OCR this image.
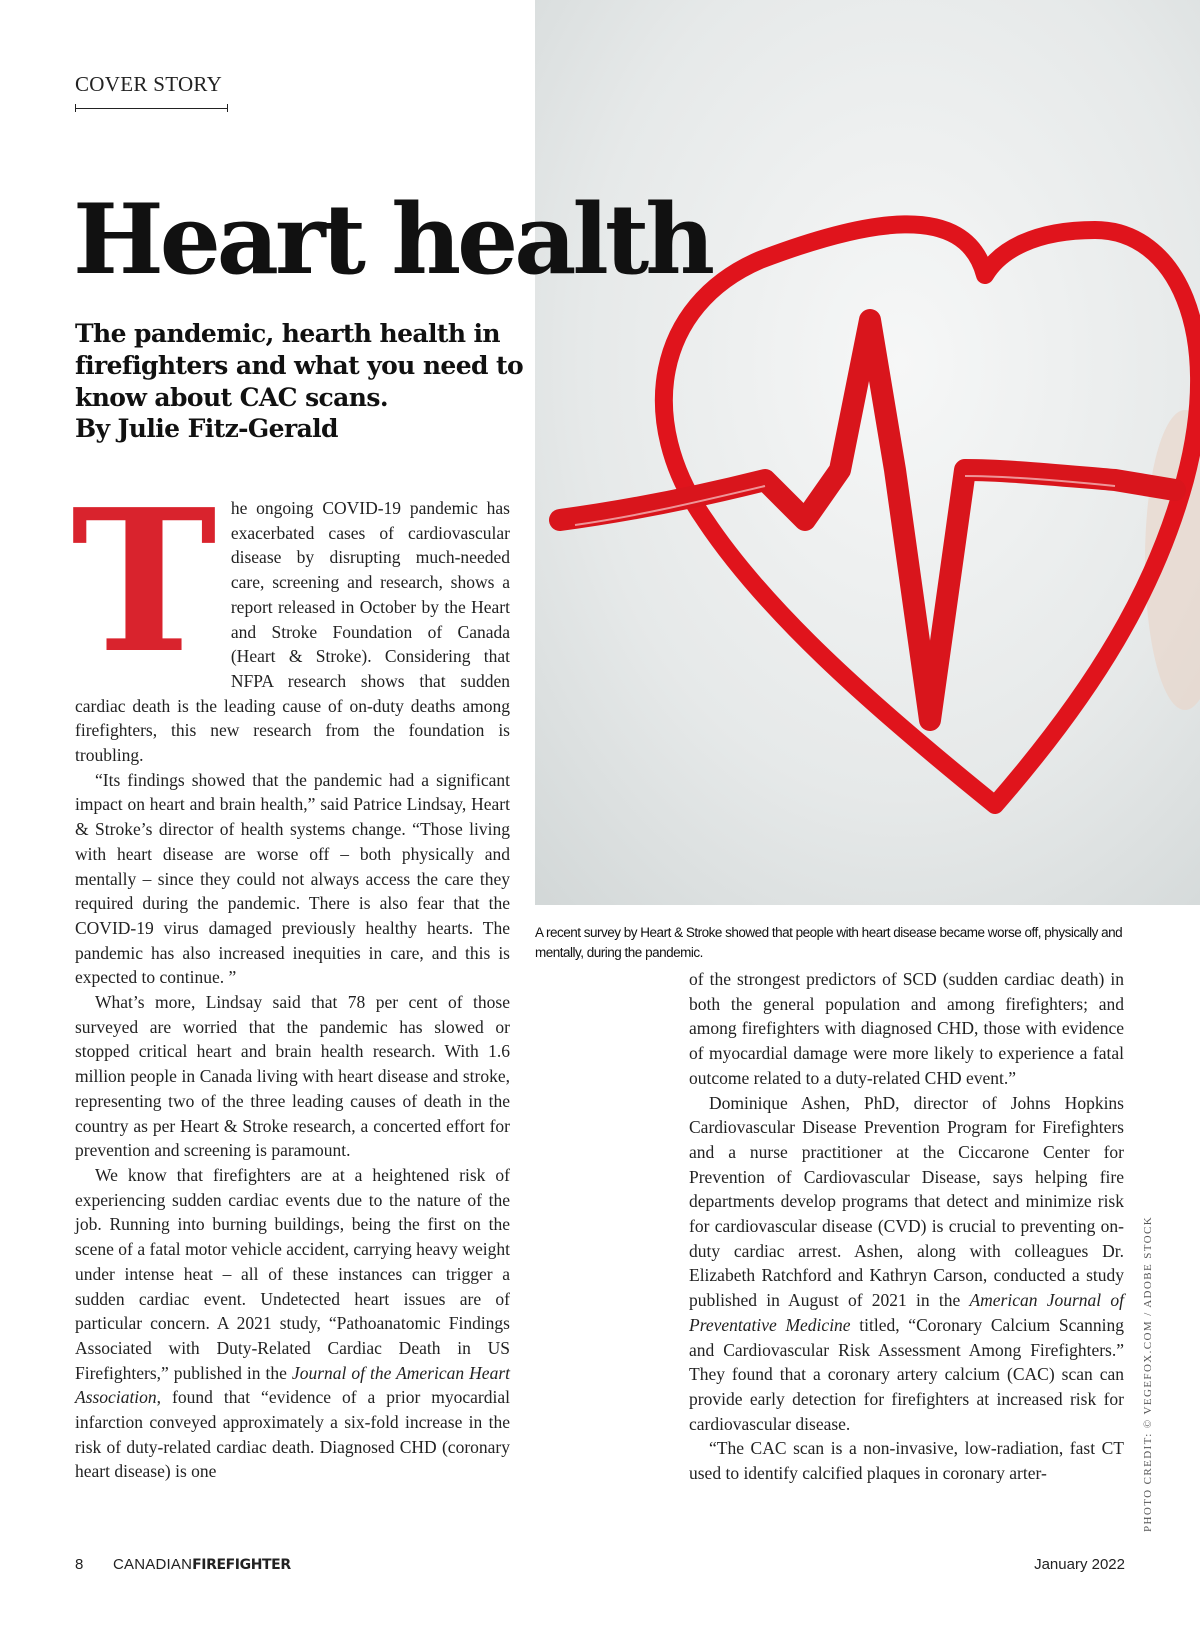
COVER STORY
Heart health

The pandemic, hearth health in firefighters and what you need to know about CAC scans.

By Julie Fitz-Gerald

The ongoing COVID-19 pandemic has exacerbated cases of cardiovascular disease by disrupting much-needed care, screening and research, shows a report released in October by the Heart and Stroke Foundation of Canada (Heart & Stroke). Considering that NFPA research shows that sudden cardiac death is the leading cause of on-duty deaths among firefighters, this new research from the foundation is troubling.

“Its findings showed that the pandemic had a significant impact on heart and brain health,” said Patrice Lindsay, Heart & Stroke’s director of health systems change. “Those living with heart disease are worse off – both physically and mentally – since they could not always access the care they required during the pandemic. There is also fear that the COVID-19 virus damaged previously healthy hearts. The pandemic has also increased inequities in care, and this is expected to continue. ”

What’s more, Lindsay said that 78 per cent of those surveyed are worried that the pandemic has slowed or stopped critical heart and brain health research. With 1.6 million people in Canada living with heart disease and stroke, representing two of the three leading causes of death in the country as per Heart & Stroke research, a concerted effort for prevention and screening is paramount.

We know that firefighters are at a heightened risk of experiencing sudden cardiac events due to the nature of the job. Running into burning buildings, being the first on the scene of a fatal motor vehicle accident, carrying heavy weight under intense heat – all of these instances can trigger a sudden cardiac event. Undetected heart issues are of particular concern. A 2021 study, “Pathoanatomic Findings Associated with Duty-Related Cardiac Death in US Firefighters,” published in the Journal of the American Heart Association, found that “evidence of a prior myocardial infarction conveyed approximately a six-fold increase in the risk of duty-related cardiac death. Diagnosed CHD (coronary heart disease) is one

A recent survey by Heart & Stroke showed that people with heart disease became worse off, physically and mentally, during the pandemic.

of the strongest predictors of SCD (sudden cardiac death) in both the general population and among firefighters; and among firefighters with diagnosed CHD, those with evidence of myocardial damage were more likely to experience a fatal outcome related to a duty-related CHD event.”

Dominique Ashen, PhD, director of Johns Hopkins Cardiovascular Disease Prevention Program for Firefighters and a nurse practitioner at the Ciccarone Center for Prevention of Cardiovascular Disease, says helping fire departments develop programs that detect and minimize risk for cardiovascular disease (CVD) is crucial to preventing on-duty cardiac arrest. Ashen, along with colleagues Dr. Elizabeth Ratchford and Kathryn Carson, conducted a study published in August of 2021 in the American Journal of Preventative Medicine titled, “Coronary Calcium Scanning and Cardiovascular Risk Assessment Among Firefighters.” They found that a coronary artery calcium (CAC) scan can provide early detection for firefighters at increased risk for cardiovascular disease.

“The CAC scan is a non-invasive, low-radiation, fast CT used to identify calcified plaques in coronary arter-	PHOTO CREDIT: © VEGEFOX.COM / ADOBE STOCK
8 CANADIANFIREFIGHTER	January 2022
